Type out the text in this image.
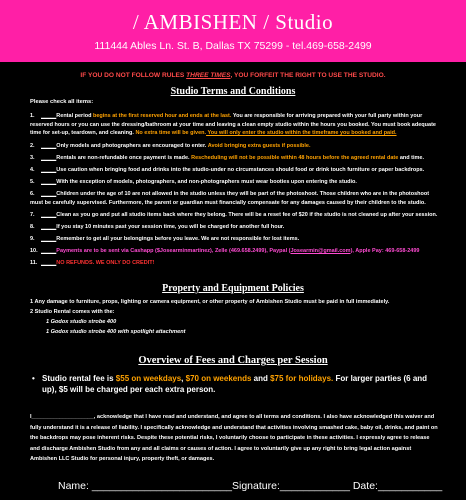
/ AMBISHEN / Studio
111444 Ables Ln. St. B, Dallas TX 75299 - tel.469-658-2499
IF YOU DO NOT FOLLOW RULES THREE TIMES, YOU FORFEIT THE RIGHT TO USE THE STUDIO.
Studio Terms and Conditions
Please check all items:
1. _____Rental period begins at the first reserved hour and ends at the last. You are responsible for arriving prepared with your full party within your reserved hours or you can use the dressing/bathroom at your time and leaving a clean empty studio within the hours you booked. You must book adequate time for set-up, teardown, and cleaning. No extra time will be given. You will only enter the studio within the timeframe you booked and paid.
2. _____Only models and photographers are encouraged to enter. Avoid bringing extra guests if possible.
3. _____Rentals are non-refundable once payment is made. Rescheduling will not be possible within 48 hours before the agreed rental date and time.
4. _____Use caution when bringing food and drinks into the studio-under no circumstances should food or drink touch furniture or paper backdrops.
5. _____With the exception of models, photographers, and non-photographers must wear booties upon entering the studio.
6. _____Children under the age of 10 are not allowed in the studio unless they will be part of the photoshoot. Those children who are in the photoshoot must be carefully supervised. Furthermore, the parent or guardian must financially compensate for any damages caused by their children to the studio.
7. _____Clean as you go and put all studio items back where they belong. There will be a reset fee of $20 if the studio is not cleaned up after your session.
8. _____If you stay 10 minutes past your session time, you will be charged for another full hour.
9. _____Remember to get all your belongings before you leave. We are not responsible for lost items.
10. _____Payments are to be sent via Cashapp ($Josearminmartinez), Zelle (469.658.2499), Paypal (Josearmin@gmail.com), Apple Pay: 469-658-2499
11. _____NO REFUNDS. WE ONLY DO CREDIT!
Property and Equipment Policies
1 Any damage to furniture, props, lighting or camera equipment, or other property of Ambishen Studio must be paid in full immediately.
2 Studio Rental comes with the:
1 Godox studio strobe 400
1 Godox studio strobe 400 with spotlight attachment
Overview of Fees and Charges per Session
• Studio rental fee is $55 on weekdays, $70 on weekends and $75 for holidays. For larger parties (6 and up), $5 will be charged per each extra person.
I____________________, acknowledge that I have read and understand, and agree to all terms and conditions. I also have acknowledged this waiver and fully understand it is a release of liability. I specifically acknowledge and understand that activities involving smashed cake, baby oil, drinks, and paint on the backdrops may pose inherent risks. Despite these potential risks, I voluntarily choose to participate in these activities. I expressly agree to release and discharge Ambishen Studio from any and all claims or causes of action. I agree to voluntarily give up any right to bring legal action against Ambishen LLC Studio for personal injury, property theft, or damages.
Name: ________________________Signature:____________ Date:___________
